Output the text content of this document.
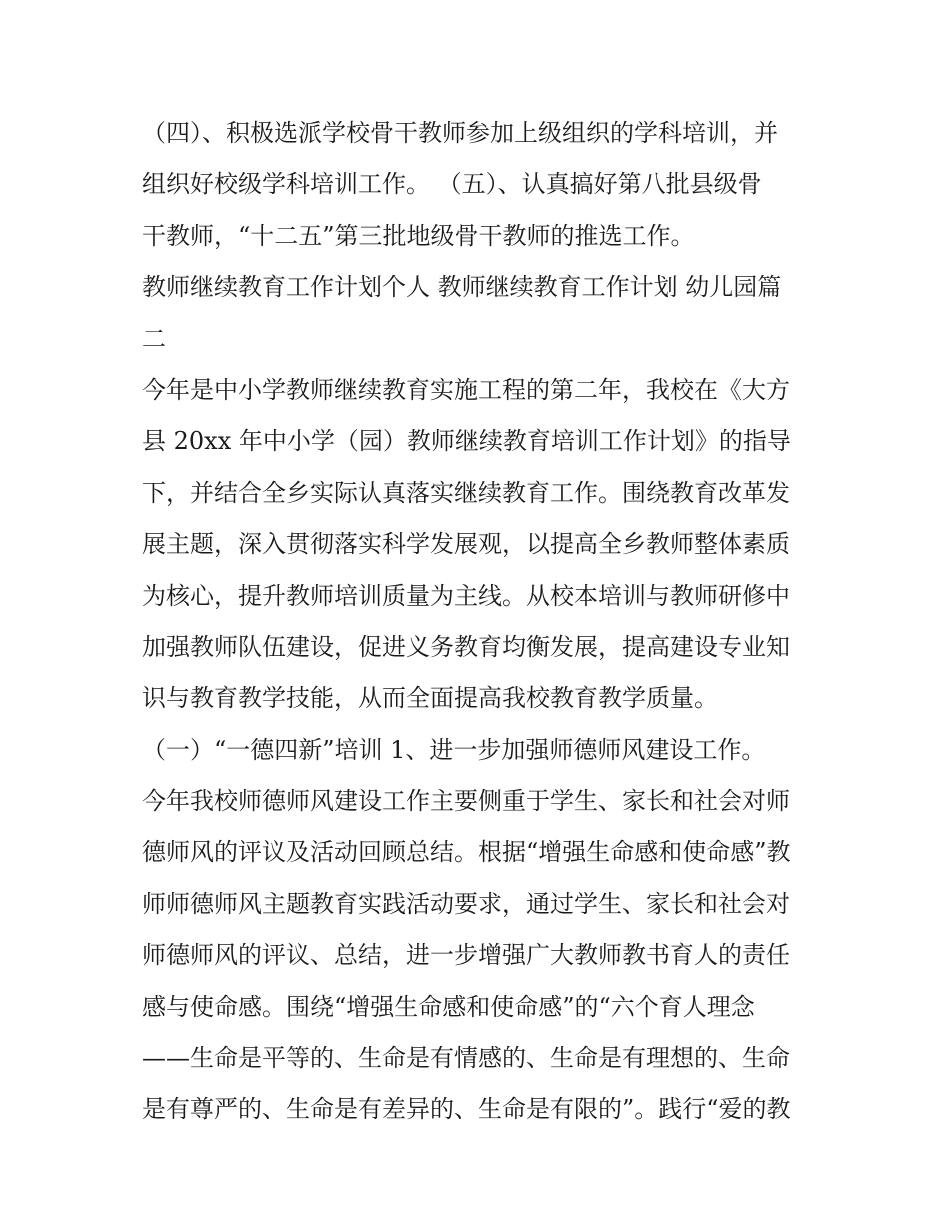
（四）、积极选派学校骨干教师参加上级组织的学科培训，并
组织好校级学科培训工作。 （五）、认真搞好第八批县级骨
干教师，“十二五”第三批地级骨干教师的推选工作。
教师继续教育工作计划个人 教师继续教育工作计划 幼儿园篇
二
今年是中小学教师继续教育实施工程的第二年，我校在《大方
县 20xx 年中小学（园）教师继续教育培训工作计划》的指导
下，并结合全乡实际认真落实继续教育工作。围绕教育改革发
展主题，深入贯彻落实科学发展观，以提高全乡教师整体素质
为核心，提升教师培训质量为主线。从校本培训与教师研修中
加强教师队伍建设，促进义务教育均衡发展，提高建设专业知
识与教育教学技能，从而全面提高我校教育教学质量。
（一）“一德四新”培训 1、进一步加强师德师风建设工作。
今年我校师德师风建设工作主要侧重于学生、家长和社会对师
德师风的评议及活动回顾总结。根据“增强生命感和使命感”教
师师德师风主题教育实践活动要求，通过学生、家长和社会对
师德师风的评议、总结，进一步增强广大教师教书育人的责任
感与使命感。围绕“增强生命感和使命感”的“六个育人理念
——生命是平等的、生命是有情感的、生命是有理想的、生命
是有尊严的、生命是有差异的、生命是有限的”。践行“爱的教
